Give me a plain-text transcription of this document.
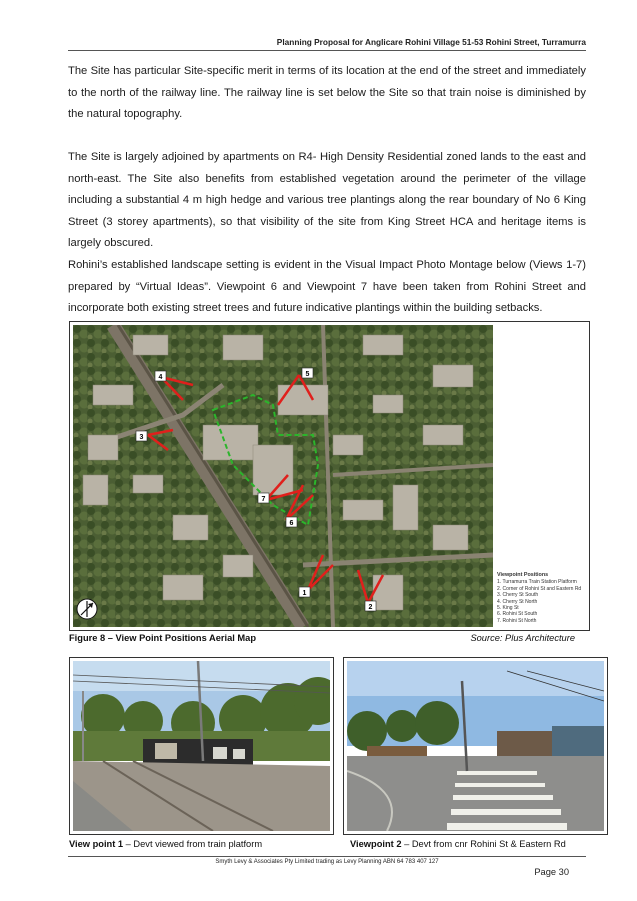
Planning Proposal for Anglicare Rohini Village 51-53 Rohini Street, Turramurra
The Site has particular Site-specific merit in terms of its location at the end of the street and immediately to the north of the railway line. The railway line is set below the Site so that train noise is diminished by the natural topography.
The Site is largely adjoined by apartments on R4- High Density Residential zoned lands to the east and north-east. The Site also benefits from established vegetation around the perimeter of the village including a substantial 4 m high hedge and various tree plantings along the rear boundary of No 6 King Street (3 storey apartments), so that visibility of the site from King Street HCA and heritage items is largely obscured.
Rohini’s established landscape setting is evident in the Visual Impact Photo Montage below (Views 1-7) prepared by “Virtual Ideas”. Viewpoint 6 and Viewpoint 7 have been taken from Rohini Street and incorporate both existing street trees and future indicative plantings within the building setbacks.
4
3
5
7
6
1
2
Viewpoint Positions
1. Turramurra Train Station Platform
2. Corner of Rohini St and Eastern Rd
3. Cherry St South
4. Cherry St North
5. King St
6. Rohini St South
7. Rohini St North
Figure 8 – View Point Positions Aerial Map	Source: Plus Architecture
View point 1 – Devt viewed from train platform	Viewpoint 2 – Devt from cnr Rohini St & Eastern Rd
Smyth Levy & Associates Pty Limited trading as Levy Planning ABN 64 783 407 127
Page 30
